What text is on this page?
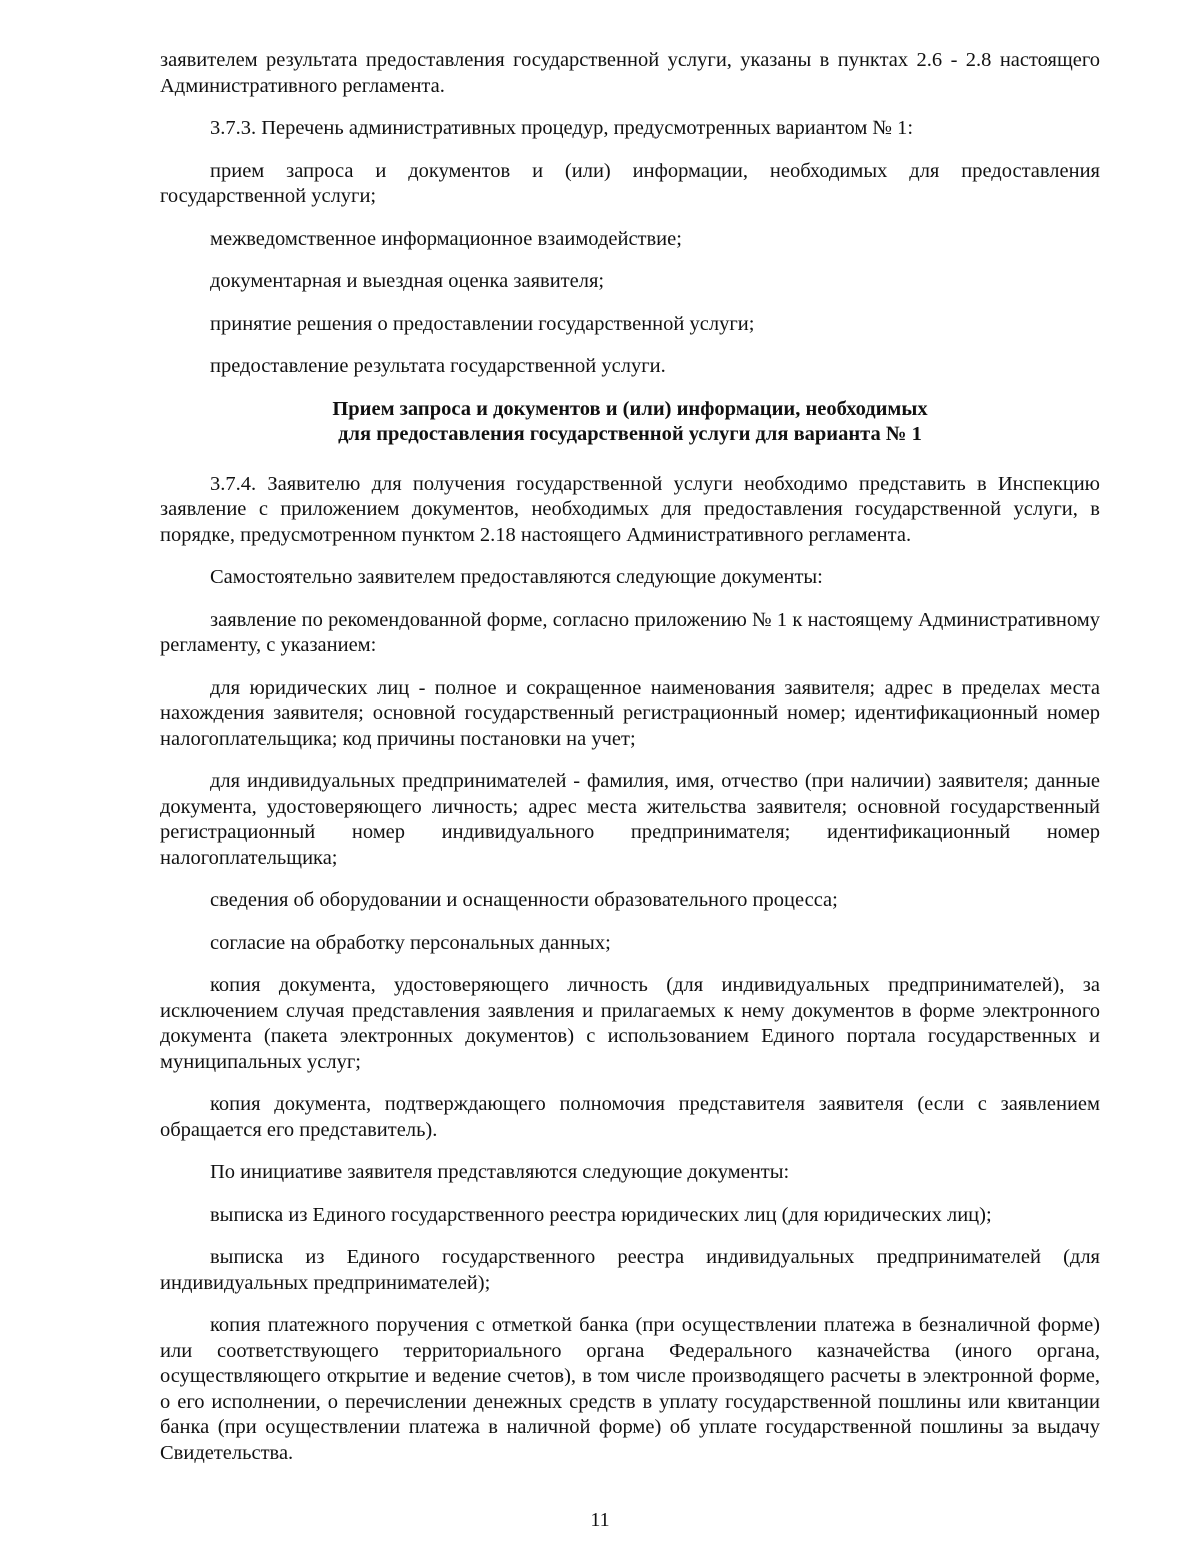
заявителем результата предоставления государственной услуги, указаны в пунктах 2.6 - 2.8 настоящего Административного регламента.

3.7.3. Перечень административных процедур, предусмотренных вариантом № 1:

прием запроса и документов и (или) информации, необходимых для предоставления государственной услуги;

межведомственное информационное взаимодействие;

документарная и выездная оценка заявителя;

принятие решения о предоставлении государственной услуги;

предоставление результата государственной услуги.

Прием запроса и документов и (или) информации, необходимых
для предоставления государственной услуги для варианта № 1

3.7.4. Заявителю для получения государственной услуги необходимо представить в Инспекцию заявление с приложением документов, необходимых для предоставления государственной услуги, в порядке, предусмотренном пунктом 2.18 настоящего Административного регламента.

Самостоятельно заявителем предоставляются следующие документы:

заявление по рекомендованной форме, согласно приложению № 1 к настоящему Административному регламенту, с указанием:

для юридических лиц - полное и сокращенное наименования заявителя; адрес в пределах места нахождения заявителя; основной государственный регистрационный номер; идентификационный номер налогоплательщика; код причины постановки на учет;

для индивидуальных предпринимателей - фамилия, имя, отчество (при наличии) заявителя; данные документа, удостоверяющего личность; адрес места жительства заявителя; основной государственный регистрационный номер индивидуального предпринимателя; идентификационный номер налогоплательщика;

сведения об оборудовании и оснащенности образовательного процесса;

согласие на обработку персональных данных;

копия документа, удостоверяющего личность (для индивидуальных предпринимателей), за исключением случая представления заявления и прилагаемых к нему документов в форме электронного документа (пакета электронных документов) с использованием Единого портала государственных и муниципальных услуг;

копия документа, подтверждающего полномочия представителя заявителя (если с заявлением обращается его представитель).

По инициативе заявителя представляются следующие документы:

выписка из Единого государственного реестра юридических лиц (для юридических лиц);

выписка из Единого государственного реестра индивидуальных предпринимателей (для индивидуальных предпринимателей);

копия платежного поручения с отметкой банка (при осуществлении платежа в безналичной форме) или соответствующего территориального органа Федерального казначейства (иного органа, осуществляющего открытие и ведение счетов), в том числе производящего расчеты в электронной форме, о его исполнении, о перечислении денежных средств в уплату государственной пошлины или квитанции банка (при осуществлении платежа в наличной форме) об уплате государственной пошлины за выдачу Свидетельства.

11
